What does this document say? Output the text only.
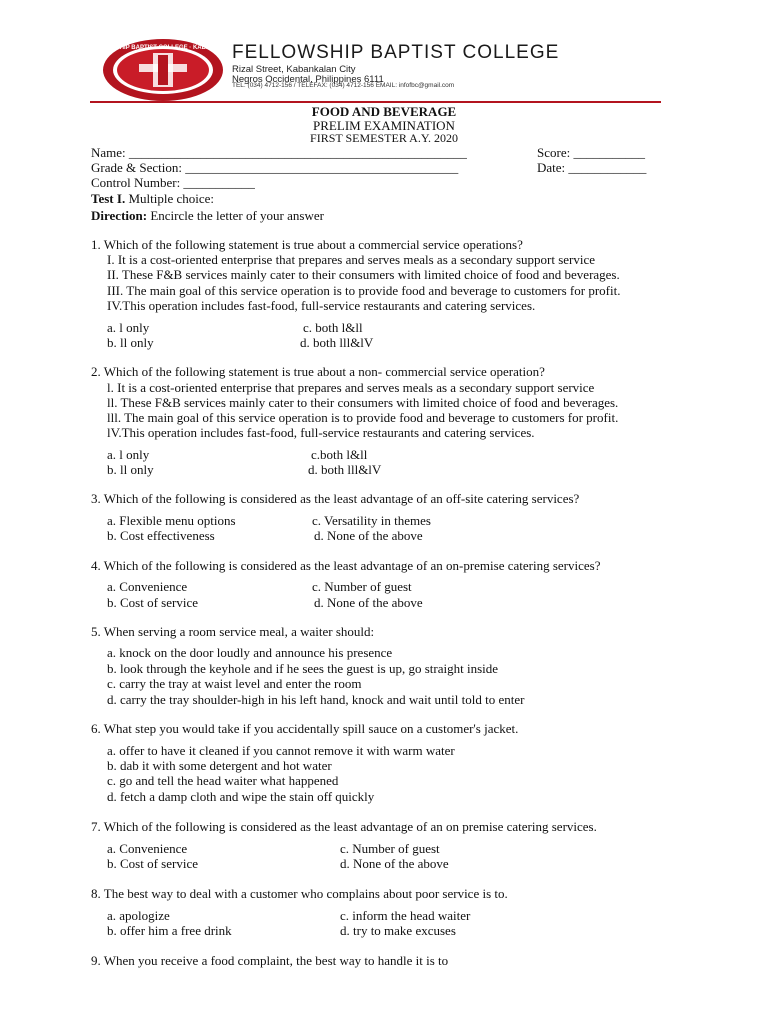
FELLOWSHIP BAPTIST COLLEGE · KABANKALAN
FELLOWSHIP BAPTIST COLLEGE
Rizal Street, Kabankalan City
Negros Occidental, Philippines 6111
TEL: (034) 4712-156 / TELEFAX: (034) 4712-156 EMAIL: infofbc@gmail.com
FOOD AND BEVERAGE
PRELIM EXAMINATION
FIRST SEMESTER A.Y. 2020
Name: ____________________________________________________	Score: ___________
Grade & Section: __________________________________________	Date: ____________
Control Number: ___________
Test I. Multiple choice:
Direction: Encircle the letter of your answer
1. Which of the following statement is true about a commercial service operations?
I. It is a cost-oriented enterprise that prepares and serves meals as a secondary support service
II. These F&B services mainly cater to their consumers with limited choice of food and beverages.
III. The main goal of this service operation is to provide food and beverage to customers for profit.
IV.This operation includes fast-food, full-service restaurants and catering services.
a. l only	c. both l&ll
b. ll only	d. both lll&lV
2. Which of the following statement is true about a non- commercial service operation?
l. It is a cost-oriented enterprise that prepares and serves meals as a secondary support service
ll. These F&B services mainly cater to their consumers with limited choice of food and beverages.
lll. The main goal of this service operation is to provide food and beverage to customers for profit.
lV.This operation includes fast-food, full-service restaurants and catering services.
a. l only	c.both l&ll
b. ll only	d. both lll&lV
3. Which of the following is considered as the least advantage of an off-site catering services?
a. Flexible menu options	c. Versatility in themes
b. Cost effectiveness	d. None of the above
4. Which of the following is considered as the least advantage of an on-premise catering services?
a. Convenience	c. Number of guest
b. Cost of service	d. None of the above
5. When serving a room service meal, a waiter should:
a. knock on the door loudly and announce his presence
b. look through the keyhole and if he sees the guest is up, go straight inside
c. carry the tray at waist level and enter the room
d. carry the tray shoulder-high in his left hand, knock and wait until told to enter
6. What step you would take if you accidentally spill sauce on a customer's jacket.
a. offer to have it cleaned if you cannot remove it with warm water
b. dab it with some detergent and hot water
c. go and tell the head waiter what happened
d. fetch a damp cloth and wipe the stain off quickly
7. Which of the following is considered as the least advantage of an on premise catering services.
a. Convenience	c. Number of guest
b. Cost of service	d. None of the above
8. The best way to deal with a customer who complains about poor service is to.
a. apologize	c. inform the head waiter
b. offer him a free drink	d. try to make excuses
9. When you receive a food complaint, the best way to handle it is to
